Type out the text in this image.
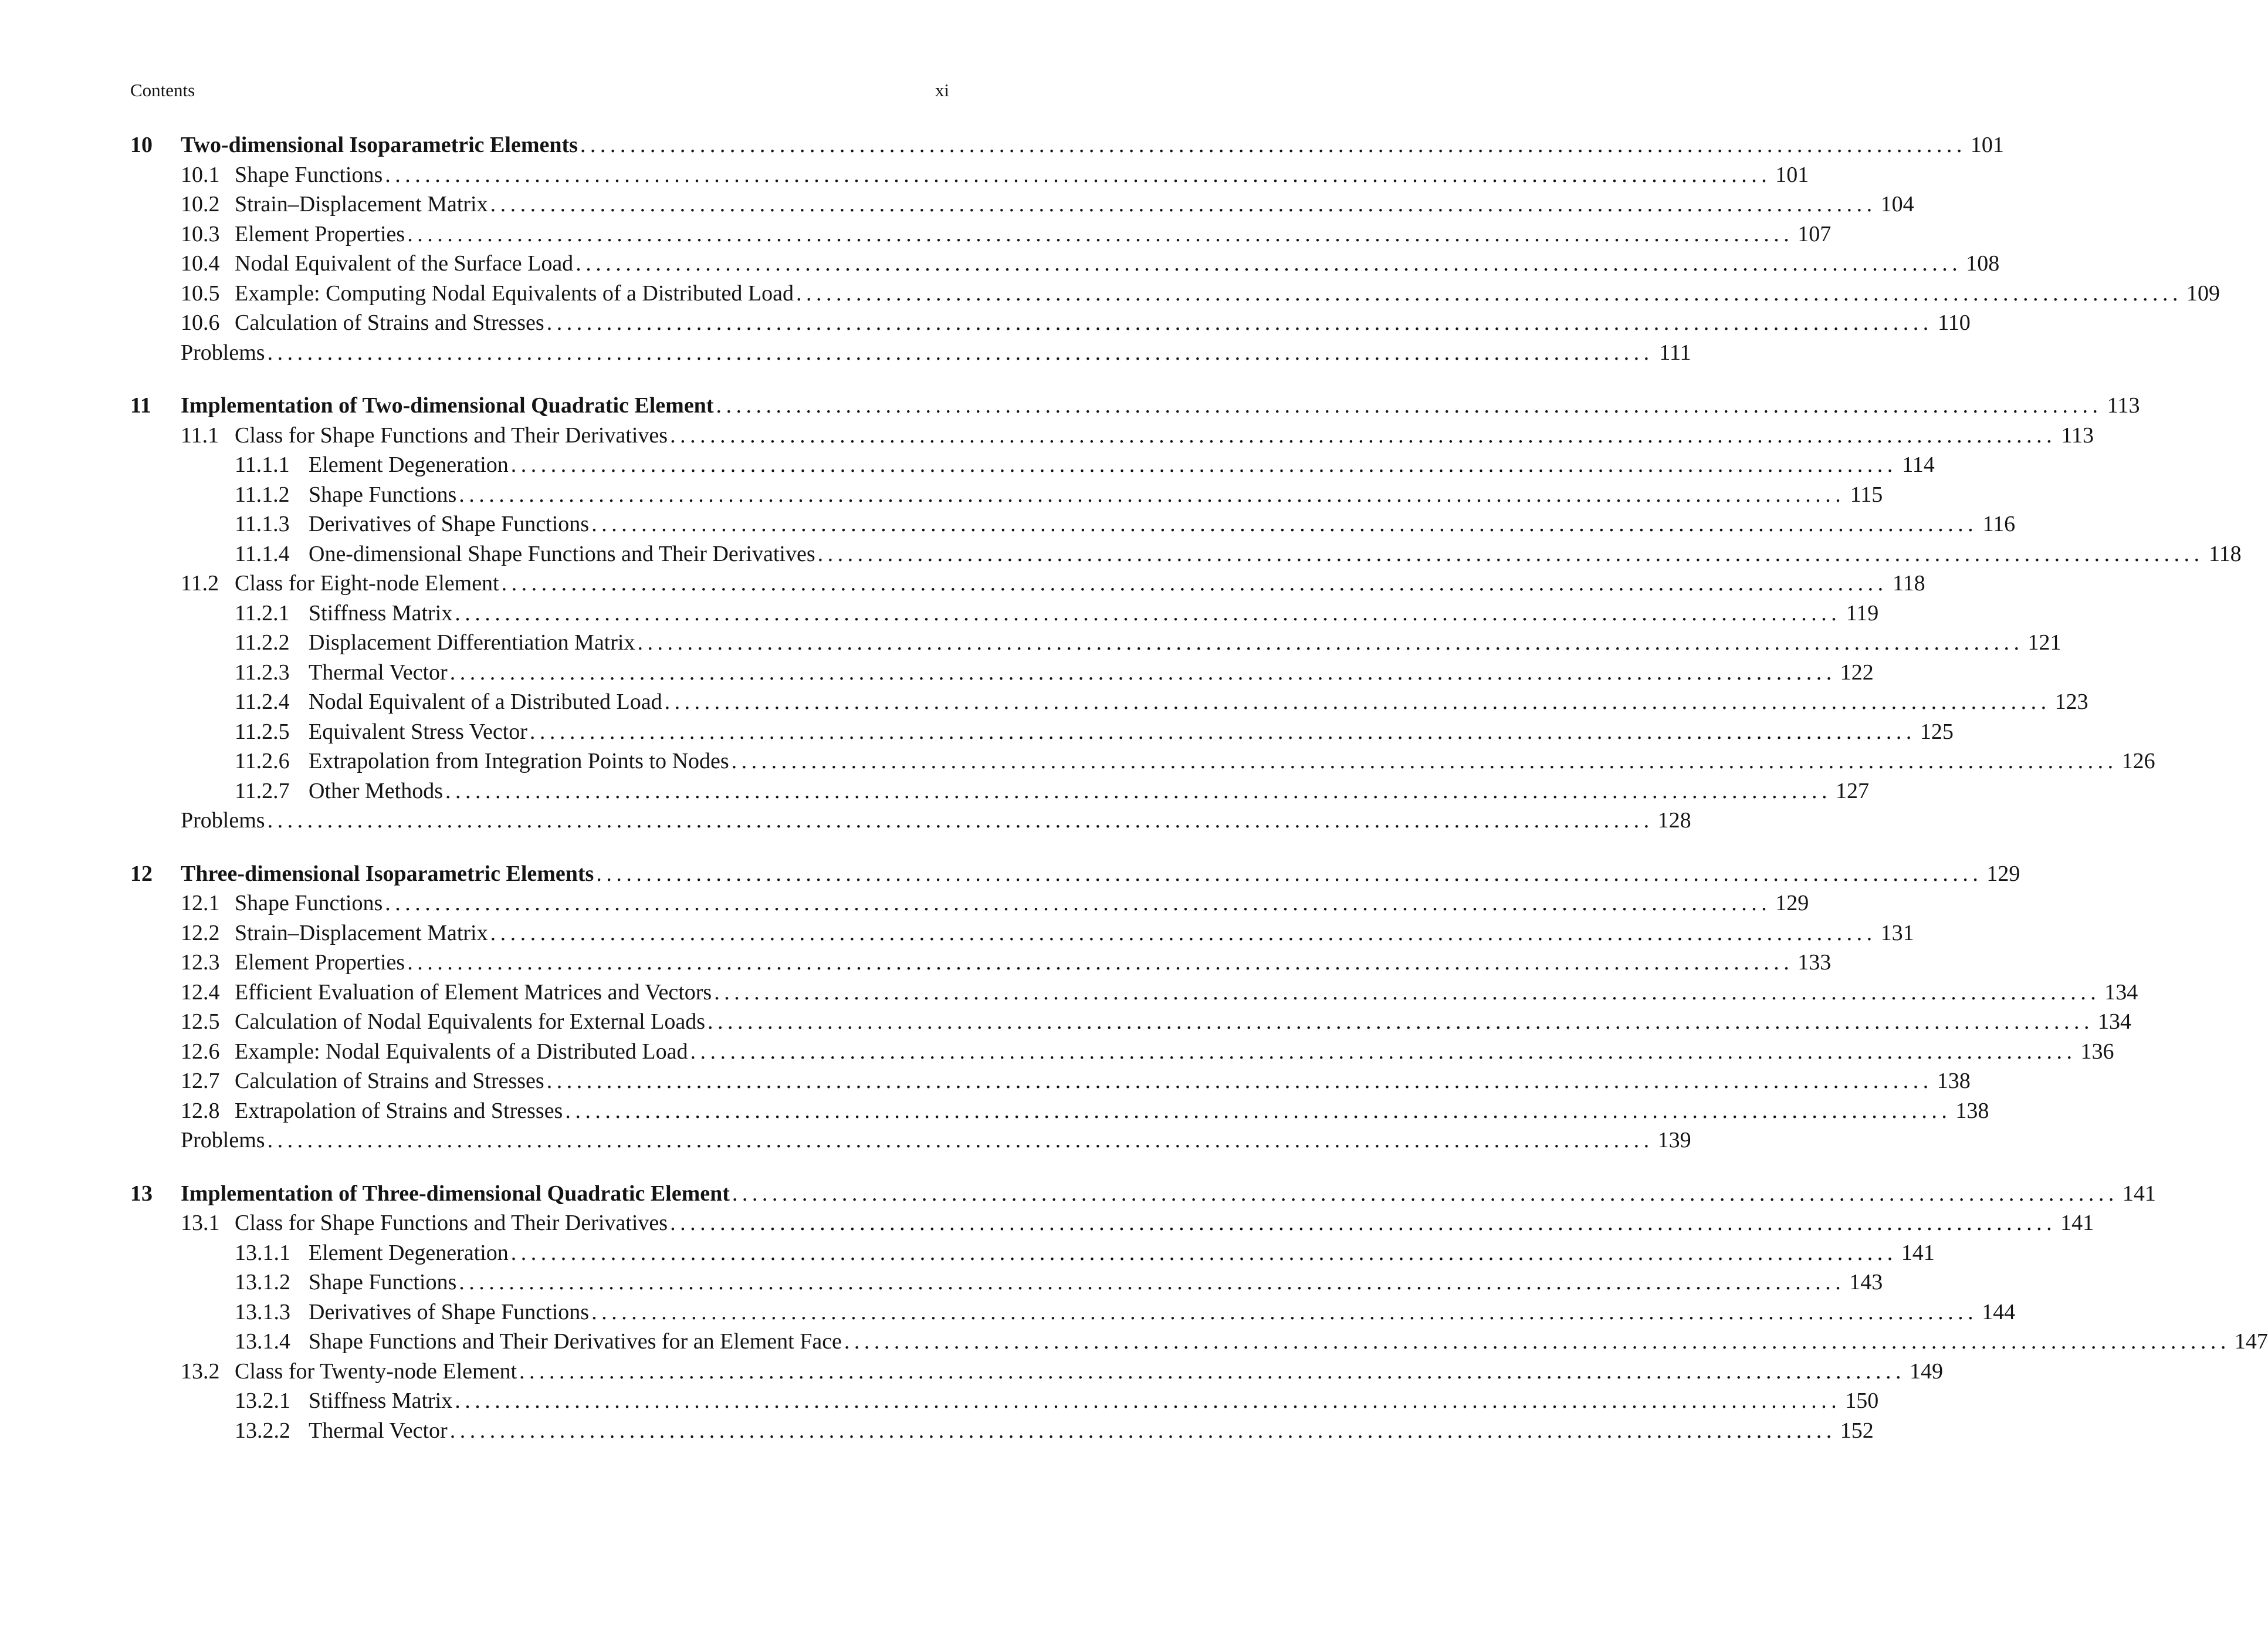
Contents	xi
10 Two-dimensional Isoparametric Elements ........................................................................................................................................... 101
10.1 Shape Functions ........................................................................................................................................... 101
10.2 Strain–Displacement Matrix ........................................................................................................................................... 104
10.3 Element Properties ........................................................................................................................................... 107
10.4 Nodal Equivalent of the Surface Load ........................................................................................................................................... 108
10.5 Example: Computing Nodal Equivalents of a Distributed Load ........................................................................................................................................... 109
10.6 Calculation of Strains and Stresses ........................................................................................................................................... 110
Problems ........................................................................................................................................... 111
11 Implementation of Two-dimensional Quadratic Element ........................................................................................................................................... 113
11.1 Class for Shape Functions and Their Derivatives ........................................................................................................................................... 113
11.1.1 Element Degeneration ........................................................................................................................................... 114
11.1.2 Shape Functions ........................................................................................................................................... 115
11.1.3 Derivatives of Shape Functions ........................................................................................................................................... 116
11.1.4 One-dimensional Shape Functions and Their Derivatives ........................................................................................................................................... 118
11.2 Class for Eight-node Element ........................................................................................................................................... 118
11.2.1 Stiffness Matrix ........................................................................................................................................... 119
11.2.2 Displacement Differentiation Matrix ........................................................................................................................................... 121
11.2.3 Thermal Vector ........................................................................................................................................... 122
11.2.4 Nodal Equivalent of a Distributed Load ........................................................................................................................................... 123
11.2.5 Equivalent Stress Vector ........................................................................................................................................... 125
11.2.6 Extrapolation from Integration Points to Nodes ........................................................................................................................................... 126
11.2.7 Other Methods ........................................................................................................................................... 127
Problems ........................................................................................................................................... 128
12 Three-dimensional Isoparametric Elements ........................................................................................................................................... 129
12.1 Shape Functions ........................................................................................................................................... 129
12.2 Strain–Displacement Matrix ........................................................................................................................................... 131
12.3 Element Properties ........................................................................................................................................... 133
12.4 Efficient Evaluation of Element Matrices and Vectors ........................................................................................................................................... 134
12.5 Calculation of Nodal Equivalents for External Loads ........................................................................................................................................... 134
12.6 Example: Nodal Equivalents of a Distributed Load ........................................................................................................................................... 136
12.7 Calculation of Strains and Stresses ........................................................................................................................................... 138
12.8 Extrapolation of Strains and Stresses ........................................................................................................................................... 138
Problems ........................................................................................................................................... 139
13 Implementation of Three-dimensional Quadratic Element ........................................................................................................................................... 141
13.1 Class for Shape Functions and Their Derivatives ........................................................................................................................................... 141
13.1.1 Element Degeneration ........................................................................................................................................... 141
13.1.2 Shape Functions ........................................................................................................................................... 143
13.1.3 Derivatives of Shape Functions ........................................................................................................................................... 144
13.1.4 Shape Functions and Their Derivatives for an Element Face ........................................................................................................................................... 147
13.2 Class for Twenty-node Element ........................................................................................................................................... 149
13.2.1 Stiffness Matrix ........................................................................................................................................... 150
13.2.2 Thermal Vector ........................................................................................................................................... 152
